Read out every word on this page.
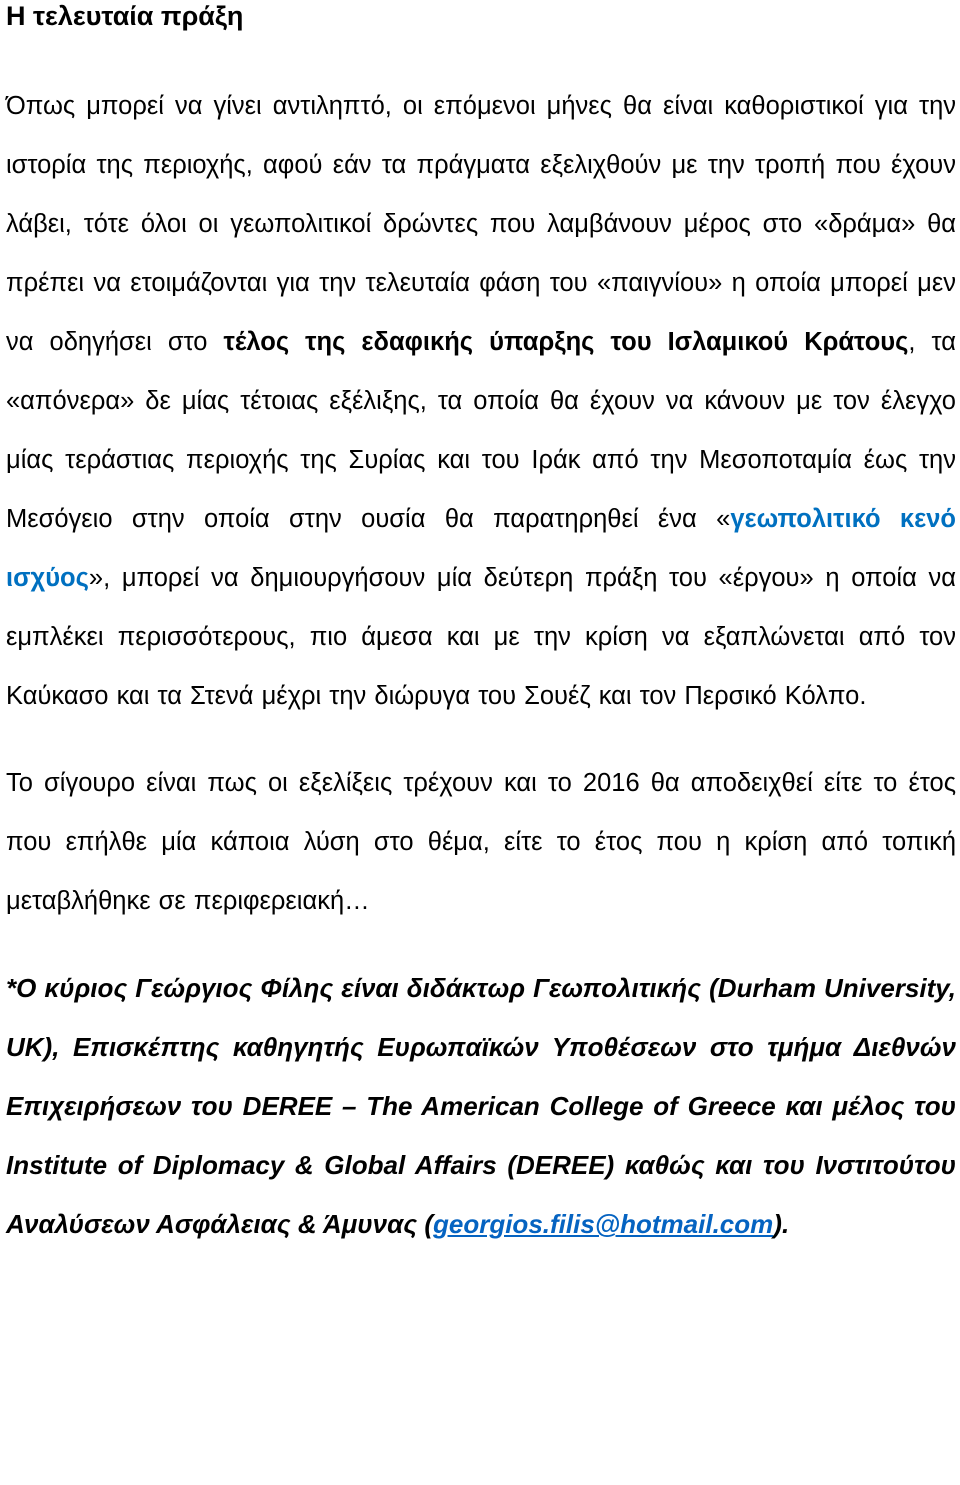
Η τελευταία πράξη

Όπως μπορεί να γίνει αντιληπτό, οι επόμενοι μήνες θα είναι καθοριστικοί για την ιστορία της περιοχής, αφού εάν τα πράγματα εξελιχθούν με την τροπή που έχουν λάβει, τότε όλοι οι γεωπολιτικοί δρώντες που λαμβάνουν μέρος στο «δράμα» θα πρέπει να ετοιμάζονται για την τελευταία φάση του «παιγνίου» η οποία μπορεί μεν να οδηγήσει στο τέλος της εδαφικής ύπαρξης του Ισλαμικού Κράτους, τα «απόνερα» δε μίας τέτοιας εξέλιξης, τα οποία θα έχουν να κάνουν με τον έλεγχο μίας τεράστιας περιοχής της Συρίας και του Ιράκ από την Μεσοποταμία έως την Μεσόγειο στην οποία στην ουσία θα παρατηρηθεί ένα «γεωπολιτικό κενό ισχύος», μπορεί να δημιουργήσουν μία δεύτερη πράξη του «έργου» η οποία να εμπλέκει περισσότερους, πιο άμεσα και με την κρίση να εξαπλώνεται από τον Καύκασο και τα Στενά μέχρι την διώρυγα του Σουέζ και τον Περσικό Κόλπο.

Το σίγουρο είναι πως οι εξελίξεις τρέχουν και το 2016 θα αποδειχθεί είτε το έτος που επήλθε μία κάποια λύση στο θέμα, είτε το έτος που η κρίση από τοπική μεταβλήθηκε σε περιφερειακή…

*Ο κύριος Γεώργιος Φίλης είναι διδάκτωρ Γεωπολιτικής (Durham University, UK), Επισκέπτης καθηγητής Ευρωπαϊκών Υποθέσεων στο τμήμα Διεθνών Επιχειρήσεων του DEREE – The American College of Greece και μέλος του Institute of Diplomacy & Global Affairs (DEREE) καθώς και του Ινστιτούτου Αναλύσεων Ασφάλειας & Άμυνας (georgios.filis@hotmail.com).
